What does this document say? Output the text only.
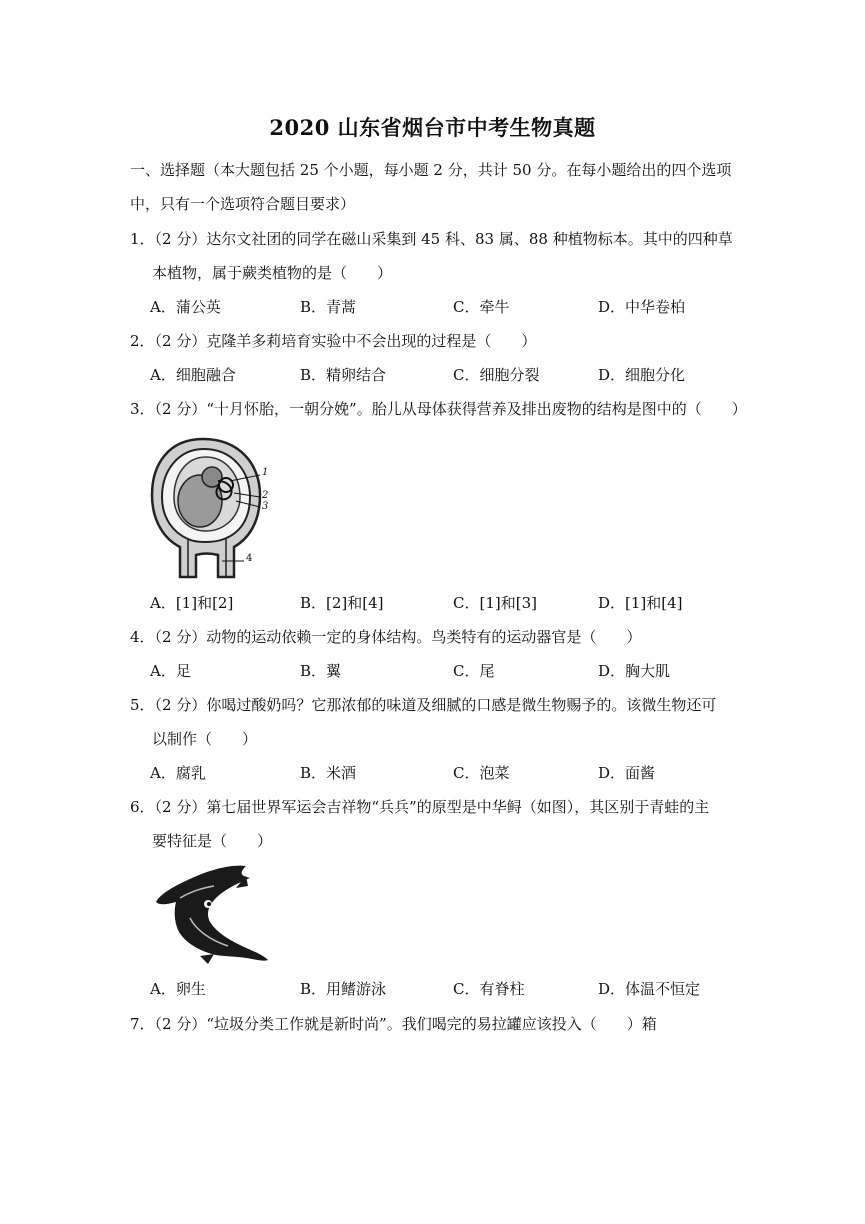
2020 山东省烟台市中考生物真题
一、选择题（本大题包括 25 个小题，每小题 2 分，共计 50 分。在每小题给出的四个选项
中，只有一个选项符合题目要求）
1．（2 分）达尔文社团的同学在磁山采集到 45 科、83 属、88 种植物标本。其中的四种草
本植物，属于蕨类植物的是（　　）
A．蒲公英	B．青蒿	C．牵牛	D．中华卷柏
2．（2 分）克隆羊多莉培育实验中不会出现的过程是（　　）
A．细胞融合	B．精卵结合	C．细胞分裂	D．细胞分化
3．（2 分）“十月怀胎，一朝分娩”。胎儿从母体获得营养及排出废物的结构是图中的（　　）
1
2
3
4
A．[1]和[2]	B．[2]和[4]	C．[1]和[3]	D．[1]和[4]
4．（2 分）动物的运动依赖一定的身体结构。鸟类特有的运动器官是（　　）
A．足	B．翼	C．尾	D．胸大肌
5．（2 分）你喝过酸奶吗？它那浓郁的味道及细腻的口感是微生物赐予的。该微生物还可
以制作（　　）
A．腐乳	B．米酒	C．泡菜	D．面酱
6．（2 分）第七届世界军运会吉祥物“兵兵”的原型是中华鲟（如图），其区别于青蛙的主
要特征是（　　）
A．卵生	B．用鳍游泳	C．有脊柱	D．体温不恒定
7．（2 分）“垃圾分类工作就是新时尚”。我们喝完的易拉罐应该投入（　　）箱
